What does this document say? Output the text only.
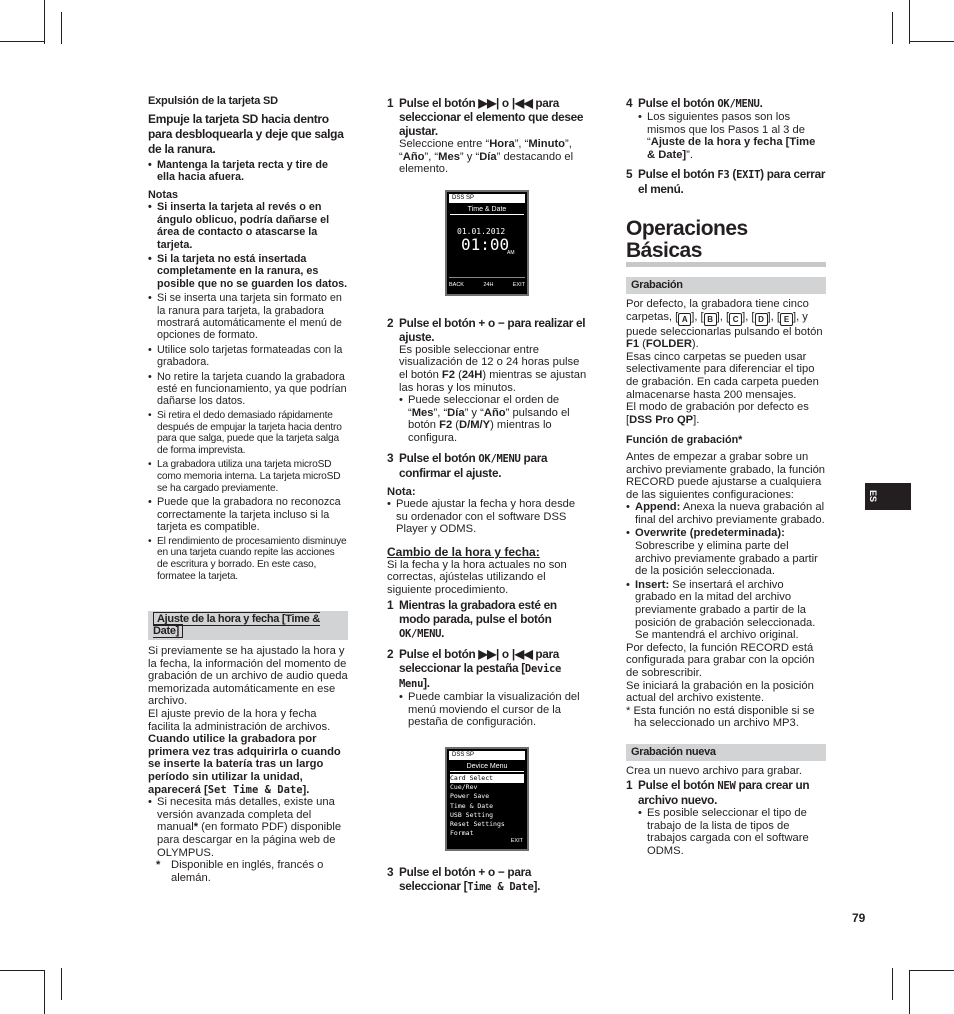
Expulsión de la tarjeta SD

Empuje la tarjeta SD hacia dentro para desbloquearla y deje que salga de la ranura.

• Mantenga la tarjeta recta y tire de ella hacia afuera.

Notas

• Si inserta la tarjeta al revés o en ángulo oblicuo, podría dañarse el área de contacto o atascarse la tarjeta.
• Si la tarjeta no está insertada completamente en la ranura, es posible que no se guarden los datos.
• Si se inserta una tarjeta sin formato en la ranura para tarjeta, la grabadora mostrará automáticamente el menú de opciones de formato.
• Utilice solo tarjetas formateadas con la grabadora.
• No retire la tarjeta cuando la grabadora esté en funcionamiento, ya que podrían dañarse los datos.
• Si retira el dedo demasiado rápidamente después de empujar la tarjeta hacia dentro para que salga, puede que la tarjeta salga de forma imprevista.
• La grabadora utiliza una tarjeta microSD como memoria interna. La tarjeta microSD se ha cargado previamente.
• Puede que la grabadora no reconozca correctamente la tarjeta incluso si la tarjeta es compatible.
• El rendimiento de procesamiento disminuye en una tarjeta cuando repite las acciones de escritura y borrado. En este caso, formatee la tarjeta.
Ajuste de la hora y fecha [Time & Date]

Si previamente se ha ajustado la hora y la fecha, la información del momento de grabación de un archivo de audio queda memorizada automáticamente en ese archivo.

El ajuste previo de la hora y fecha facilita la administración de archivos.

Cuando utilice la grabadora por primera vez tras adquirirla o cuando se inserte la batería tras un largo período sin utilizar la unidad, aparecerá [Set Time & Date].

• Si necesita más detalles, existe una versión avanzada completa del manual* (en formato PDF) disponible para descargar en la página web de OLYMPUS.
* Disponible en inglés, francés o alemán.
1 Pulse el botón ▶▶| o |◀◀ para seleccionar el elemento que desee ajustar.

Seleccione entre “Hora”, “Minuto”, “Año”, “Mes” y “Día” destacando el elemento.

DSS SP
Time & Date
01.01.2012
01:00
AM
BACK	24H	EXIT
2 Pulse el botón + o − para realizar el ajuste.

Es posible seleccionar entre visualización de 12 o 24 horas pulse el botón F2 (24H) mientras se ajustan las horas y los minutos.

• Puede seleccionar el orden de “Mes”, “Día” y “Año” pulsando el botón F2 (D/M/Y) mientras lo configura.
3 Pulse el botón OK/MENU para confirmar el ajuste.

Nota:

• Puede ajustar la fecha y hora desde su ordenador con el software DSS Player y ODMS.

Cambio de la hora y fecha:

Si la fecha y la hora actuales no son correctas, ajústelas utilizando el siguiente procedimiento.

1 Mientras la grabadora esté en modo parada, pulse el botón OK/MENU.
2 Pulse el botón ▶▶| o |◀◀ para seleccionar la pestaña [Device Menu].
• Puede cambiar la visualización del menú moviendo el cursor de la pestaña de configuración.
DSS SP
Device Menu
Card Select
Cue/Rev
Power Save
Time & Date
USB Setting
Reset Settings
Format
EXIT
3 Pulse el botón + o − para seleccionar [Time & Date].
4 Pulse el botón OK/MENU.
• Los siguientes pasos son los mismos que los Pasos 1 al 3 de “Ajuste de la hora y fecha [Time & Date]”.
5 Pulse el botón F3 (EXIT) para cerrar el menú.
Operaciones Básicas
Grabación

Por defecto, la grabadora tiene cinco carpetas, [ A ], [ B ], [ C ], [ D ], [ E ], y puede seleccionarlas pulsando el botón F1 (FOLDER).

Esas cinco carpetas se pueden usar selectivamente para diferenciar el tipo de grabación. En cada carpeta pueden almacenarse hasta 200 mensajes.

El modo de grabación por defecto es [DSS Pro QP].

Función de grabación*

Antes de empezar a grabar sobre un archivo previamente grabado, la función RECORD puede ajustarse a cualquiera de las siguientes configuraciones:

• Append: Anexa la nueva grabación al final del archivo previamente grabado.
• Overwrite (predeterminada): Sobrescribe y elimina parte del archivo previamente grabado a partir de la posición seleccionada.
• Insert: Se insertará el archivo grabado en la mitad del archivo previamente grabado a partir de la posición de grabación seleccionada. Se mantendrá el archivo original.

Por defecto, la función RECORD está configurada para grabar con la opción de sobrescribir.

Se iniciará la grabación en la posición actual del archivo existente.

* Esta función no está disponible si se ha seleccionado un archivo MP3.

Grabación nueva

Crea un nuevo archivo para grabar.

1 Pulse el botón NEW para crear un archivo nuevo.
• Es posible seleccionar el tipo de trabajo de la lista de tipos de trabajos cargada con el software ODMS.
ES
79
